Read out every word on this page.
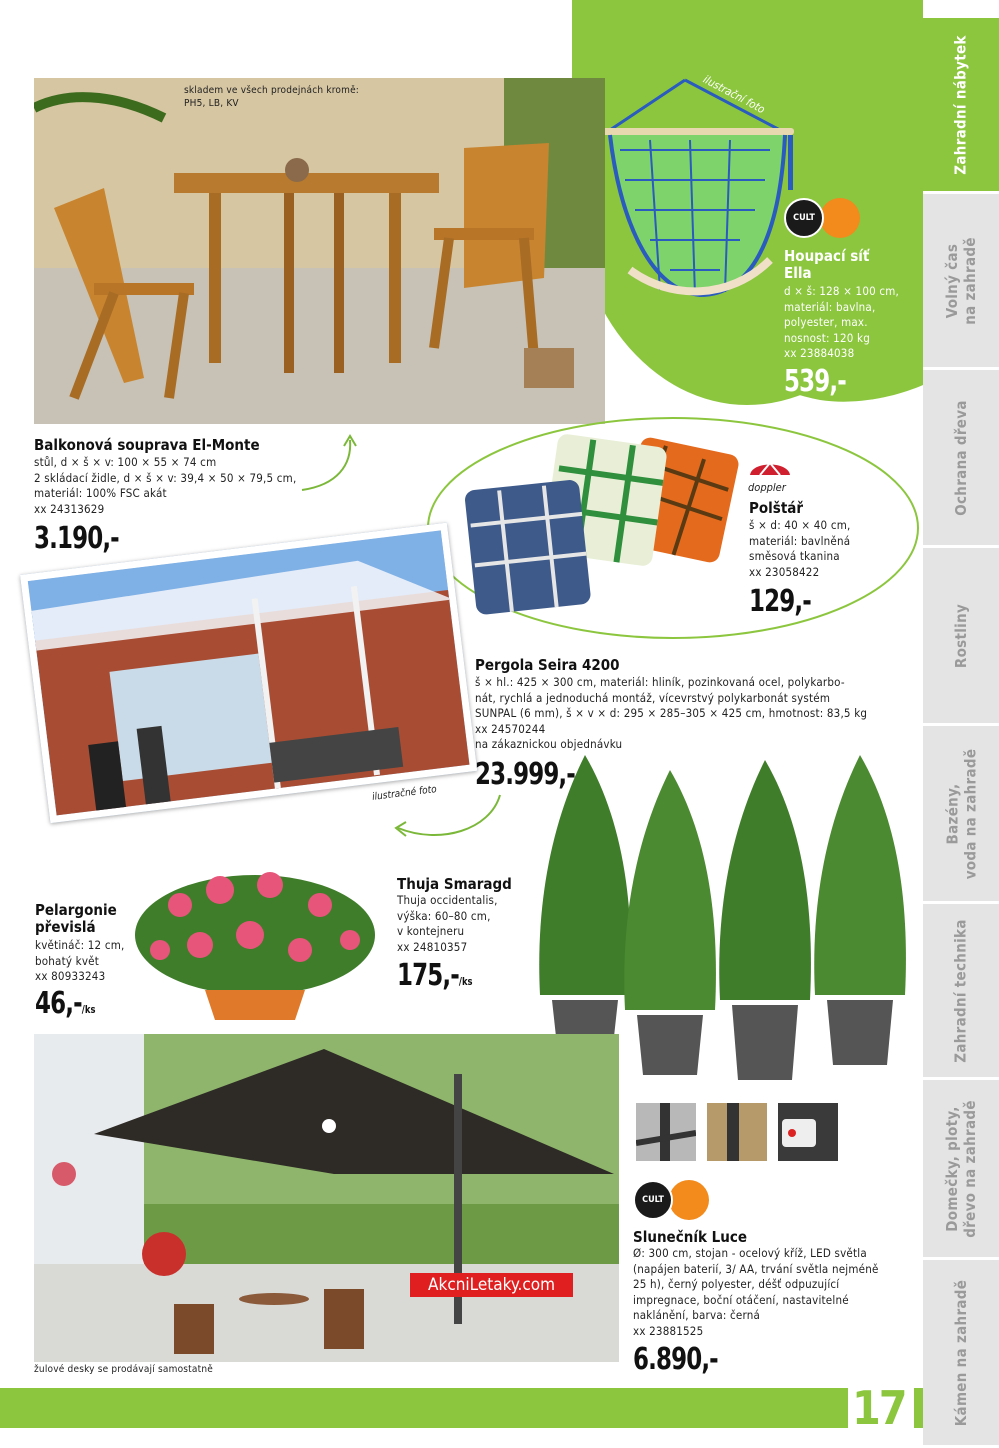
ilustrační foto
CULT
Houpací síť
Ella
d × š: 128 × 100 cm,
materiál: bavlna,
polyester, max.
nosnost: 120 kg
xx 23884038
539,-
skladem ve všech prodejnách kromě:
PH5, LB, KV
Balkonová souprava El-Monte
stůl, d × š × v: 100 × 55 × 74 cm
2 skládací židle, d × š × v: 39,4 × 50 × 79,5 cm,
materiál: 100% FSC akát
xx 24313629
3.190,-
doppler
Polštář
š × d: 40 × 40 cm,
materiál: bavlněná
směsová tkanina
xx 23058422
129,-
ilustračné foto
Pergola Seira 4200
š × hl.: 425 × 300 cm, materiál: hliník, pozinkovaná ocel, polykarbo-
nát, rychlá a jednoduchá montáž, vícevrstvý polykarbonát systém
SUNPAL (6 mm), š × v × d: 295 × 285–305 × 425 cm, hmotnost: 83,5 kg
xx 24570244
na zákaznickou objednávku
23.999,-
Thuja Smaragd
Thuja occidentalis,
výška: 60–80 cm,
v kontejneru
xx 24810357
175,-/ks
Pelargonie
převislá
květináč: 12 cm,
bohatý květ
xx 80933243
46,-/ks
AkcniLetaky.com
žulové desky se prodávají samostatně
CULT
Slunečník Luce
Ø: 300 cm, stojan - ocelový kříž, LED světla
(napájen baterií, 3/ AA, trvání světla nejméně
25 h), černý polyester, déšť odpuzující
impregnace, boční otáčení, nastavitelné
naklánění, barva: černá
xx 23881525
6.890,-
17
Zahradní nábytek
Volný čas
na zahradě
Ochrana dřeva
Rostliny
Bazény,
voda na zahradě
Zahradní technika
Domečky, ploty,
dřevo na zahradě
Kámen na zahradě
